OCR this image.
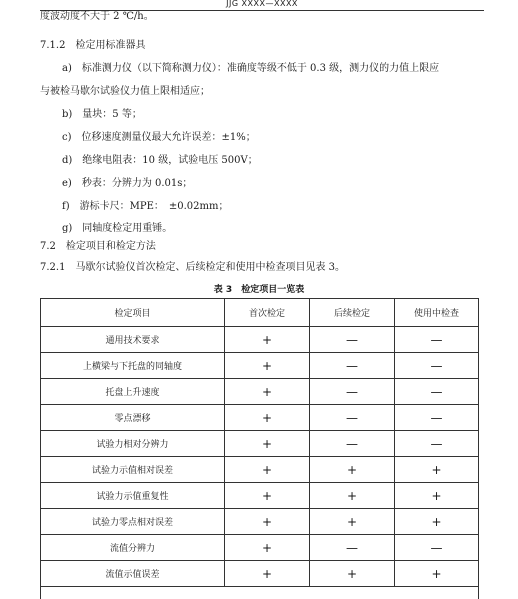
JJG XXXX—XXXX
度波动度不大于 2 ℃/h。
7.1.2　检定用标准器具
a)　标准测力仪（以下简称测力仪）：准确度等级不低于 0.3 级，测力仪的力值上限应
与被检马歇尔试验仪力值上限相适应；
b)　量块：5 等；
c)　位移速度测量仪最大允许误差：±1%；
d)　绝缘电阻表：10 级，试验电压 500V；
e)　秒表：分辨力为 0.01s；
f)　游标卡尺：MPE：　±0.02mm；
g)　同轴度检定用重锤。
7.2　检定项目和检定方法
7.2.1　马歇尔试验仪首次检定、后续检定和使用中检查项目见表 3。
表 3　检定项目一览表
检定项目	首次检定	后续检定	使用中检查
通用技术要求	+	—	—
上横梁与下托盘的同轴度	+	—	—
托盘上升速度	+	—	—
零点漂移	+	—	—
试验力相对分辨力	+	—	—
试验力示值相对误差	+	+	+
试验力示值重复性	+	+	+
试验力零点相对误差	+	+	+
流值分辨力	+	—	—
流值示值误差	+	+	+
